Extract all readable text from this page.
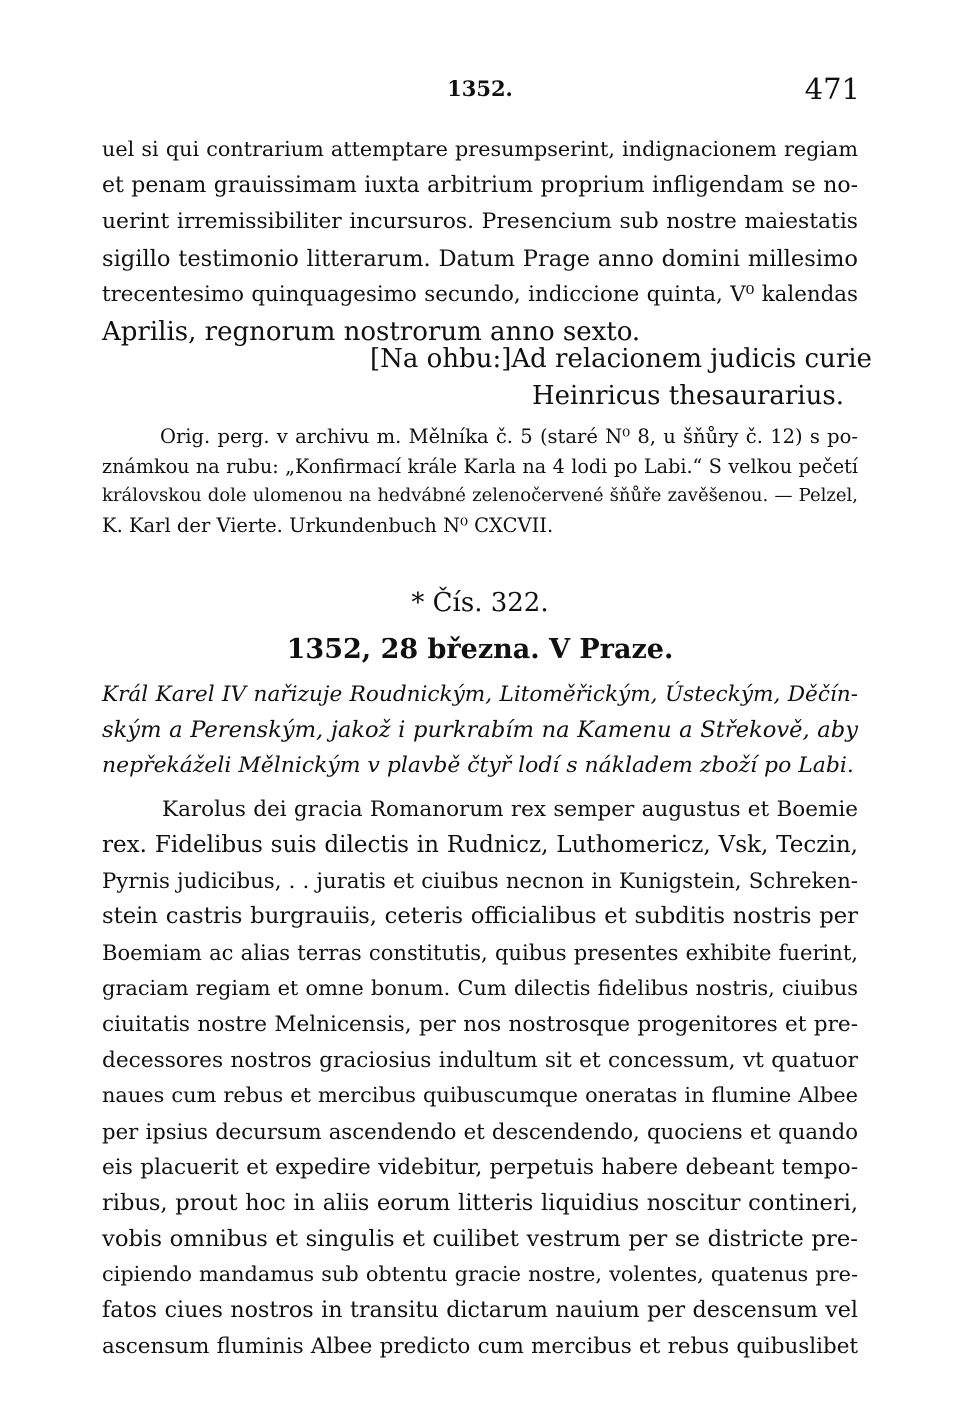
1352.	471
uel si qui contrarium attemptare presumpserint, indignacionem regiam
et penam grauissimam iuxta arbitrium proprium infligendam se no-
uerint irremissibiliter incursuros. Presencium sub nostre maiestatis
sigillo testimonio litterarum. Datum Prage anno domini millesimo
trecentesimo quinquagesimo secundo, indiccione quinta, V⁰ kalendas
Aprilis, regnorum nostrorum anno sexto.
[Na ohbu:] Ad relacionem judicis curie
Heinricus thesaurarius.
Orig. perg. v archivu m. Mělníka č. 5 (staré N⁰ 8, u šňůry č. 12) s po-
známkou na rubu: „Konfirmací krále Karla na 4 lodi po Labi.“ S velkou pečetí
královskou dole ulomenou na hedvábné zelenočervené šňůře zavěšenou. — Pelzel,
K. Karl der Vierte. Urkundenbuch N⁰ CXCVII.
* Čís. 322.
1352, 28 března. V Praze.
Král Karel IV nařizuje Roudnickým, Litoměřickým, Ústeckým, Děčín-
ským a Perenským, jakož i purkrabím na Kamenu a Střekově, aby
nepřekáželi Mělnickým v plavbě čtyř lodí s nákladem zboží po Labi.
Karolus dei gracia Romanorum rex semper augustus et Boemie
rex. Fidelibus suis dilectis in Rudnicz, Luthomericz, Vsk, Teczin,
Pyrnis judicibus, . . juratis et ciuibus necnon in Kunigstein, Schreken-
stein castris burgrauiis, ceteris officialibus et subditis nostris per
Boemiam ac alias terras constitutis, quibus presentes exhibite fuerint,
graciam regiam et omne bonum. Cum dilectis fidelibus nostris, ciuibus
ciuitatis nostre Melnicensis, per nos nostrosque progenitores et pre-
decessores nostros graciosius indultum sit et concessum, vt quatuor
naues cum rebus et mercibus quibuscumque oneratas in flumine Albee
per ipsius decursum ascendendo et descendendo, quociens et quando
eis placuerit et expedire videbitur, perpetuis habere debeant tempo-
ribus, prout hoc in aliis eorum litteris liquidius noscitur contineri,
vobis omnibus et singulis et cuilibet vestrum per se districte pre-
cipiendo mandamus sub obtentu gracie nostre, volentes, quatenus pre-
fatos ciues nostros in transitu dictarum nauium per descensum vel
ascensum fluminis Albee predicto cum mercibus et rebus quibuslibet
